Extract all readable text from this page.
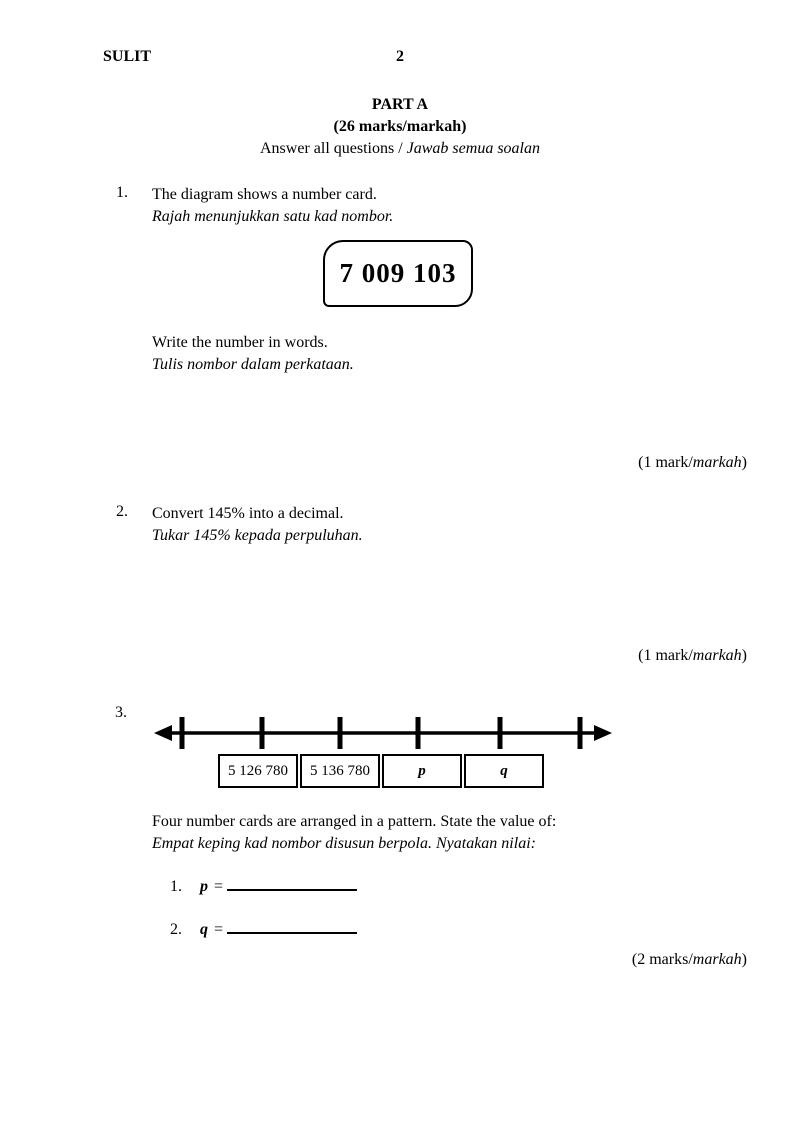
SULIT	2
PART A
(26 marks/markah)
Answer all questions / Jawab semua soalan
1. The diagram shows a number card.
Rajah menunjukkan satu kad nombor.
7 009 103
Write the number in words.
Tulis nombor dalam perkataan.
(1 mark/markah)
2. Convert 145% into a decimal.
Tukar 145% kepada perpuluhan.
(1 mark/markah)
3.
5 126 780	5 136 780	p	q
Four number cards are arranged in a pattern. State the value of:
Empat keping kad nombor disusun berpola. Nyatakan nilai:
1. p =
2. q =
(2 marks/markah)
